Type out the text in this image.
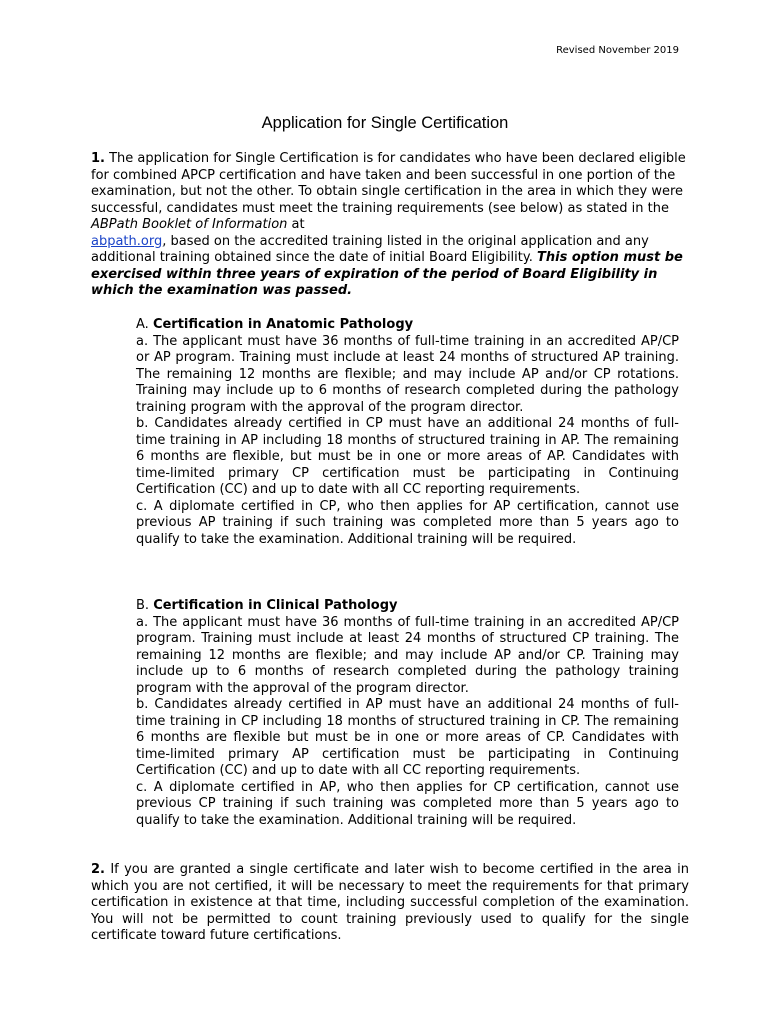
Revised November 2019
Application for Single Certification

1. The application for Single Certification is for candidates who have been declared eligible for combined APCP certification and have taken and been successful in one portion of the examination, but not the other. To obtain single certification in the area in which they were successful, candidates must meet the training requirements (see below) as stated in the ABPath Booklet of Information at
abpath.org, based on the accredited training listed in the original application and any additional training obtained since the date of initial Board Eligibility. This option must be exercised within three years of expiration of the period of Board Eligibility in which the examination was passed.

A. Certification in Anatomic Pathology

a. The applicant must have 36 months of full-time training in an accredited AP/CP or AP program. Training must include at least 24 months of structured AP training. The remaining 12 months are flexible; and may include AP and/or CP rotations. Training may include up to 6 months of research completed during the pathology training program with the approval of the program director.

b. Candidates already certified in CP must have an additional 24 months of full-time training in AP including 18 months of structured training in AP. The remaining 6 months are flexible, but must be in one or more areas of AP. Candidates with time-limited primary CP certification must be participating in Continuing Certification (CC) and up to date with all CC reporting requirements.

c. A diplomate certified in CP, who then applies for AP certification, cannot use previous AP training if such training was completed more than 5 years ago to qualify to take the examination. Additional training will be required.

B. Certification in Clinical Pathology

a. The applicant must have 36 months of full-time training in an accredited AP/CP program. Training must include at least 24 months of structured CP training. The remaining 12 months are flexible; and may include AP and/or CP. Training may include up to 6 months of research completed during the pathology training program with the approval of the program director.

b. Candidates already certified in AP must have an additional 24 months of full-time training in CP including 18 months of structured training in CP. The remaining 6 months are flexible but must be in one or more areas of CP. Candidates with time-limited primary AP certification must be participating in Continuing Certification (CC) and up to date with all CC reporting requirements.

c. A diplomate certified in AP, who then applies for CP certification, cannot use previous CP training if such training was completed more than 5 years ago to qualify to take the examination. Additional training will be required.

2. If you are granted a single certificate and later wish to become certified in the area in which you are not certified, it will be necessary to meet the requirements for that primary certification in existence at that time, including successful completion of the examination. You will not be permitted to count training previously used to qualify for the single certificate toward future certifications.
